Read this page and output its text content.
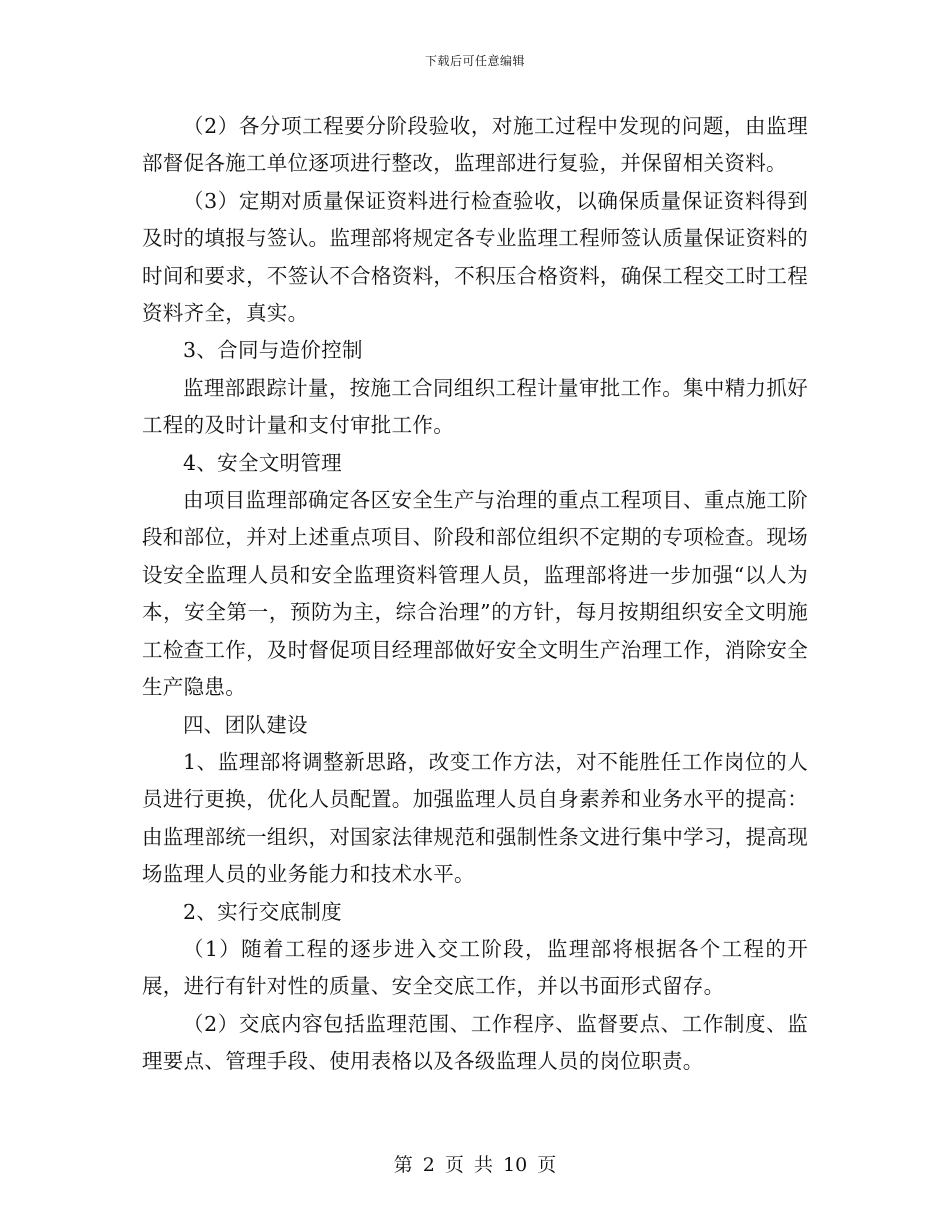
下载后可任意编辑

（2）各分项工程要分阶段验收，对施工过程中发现的问题，由监理部督促各施工单位逐项进行整改，监理部进行复验，并保留相关资料。

（3）定期对质量保证资料进行检查验收，以确保质量保证资料得到及时的填报与签认。监理部将规定各专业监理工程师签认质量保证资料的时间和要求，不签认不合格资料，不积压合格资料，确保工程交工时工程资料齐全，真实。

3、合同与造价控制

监理部跟踪计量，按施工合同组织工程计量审批工作。集中精力抓好工程的及时计量和支付审批工作。

4、安全文明管理

由项目监理部确定各区安全生产与治理的重点工程项目、重点施工阶段和部位，并对上述重点项目、阶段和部位组织不定期的专项检查。现场设安全监理人员和安全监理资料管理人员，监理部将进一步加强“以人为本，安全第一，预防为主，综合治理”的方针，每月按期组织安全文明施工检查工作，及时督促项目经理部做好安全文明生产治理工作，消除安全生产隐患。

四、团队建设

1、监理部将调整新思路，改变工作方法，对不能胜任工作岗位的人员进行更换，优化人员配置。加强监理人员自身素养和业务水平的提高：由监理部统一组织，对国家法律规范和强制性条文进行集中学习，提高现场监理人员的业务能力和技术水平。

2、实行交底制度

（1）随着工程的逐步进入交工阶段，监理部将根据各个工程的开展，进行有针对性的质量、安全交底工作，并以书面形式留存。

（2）交底内容包括监理范围、工作程序、监督要点、工作制度、监理要点、管理手段、使用表格以及各级监理人员的岗位职责。

第 2 页 共 10 页
